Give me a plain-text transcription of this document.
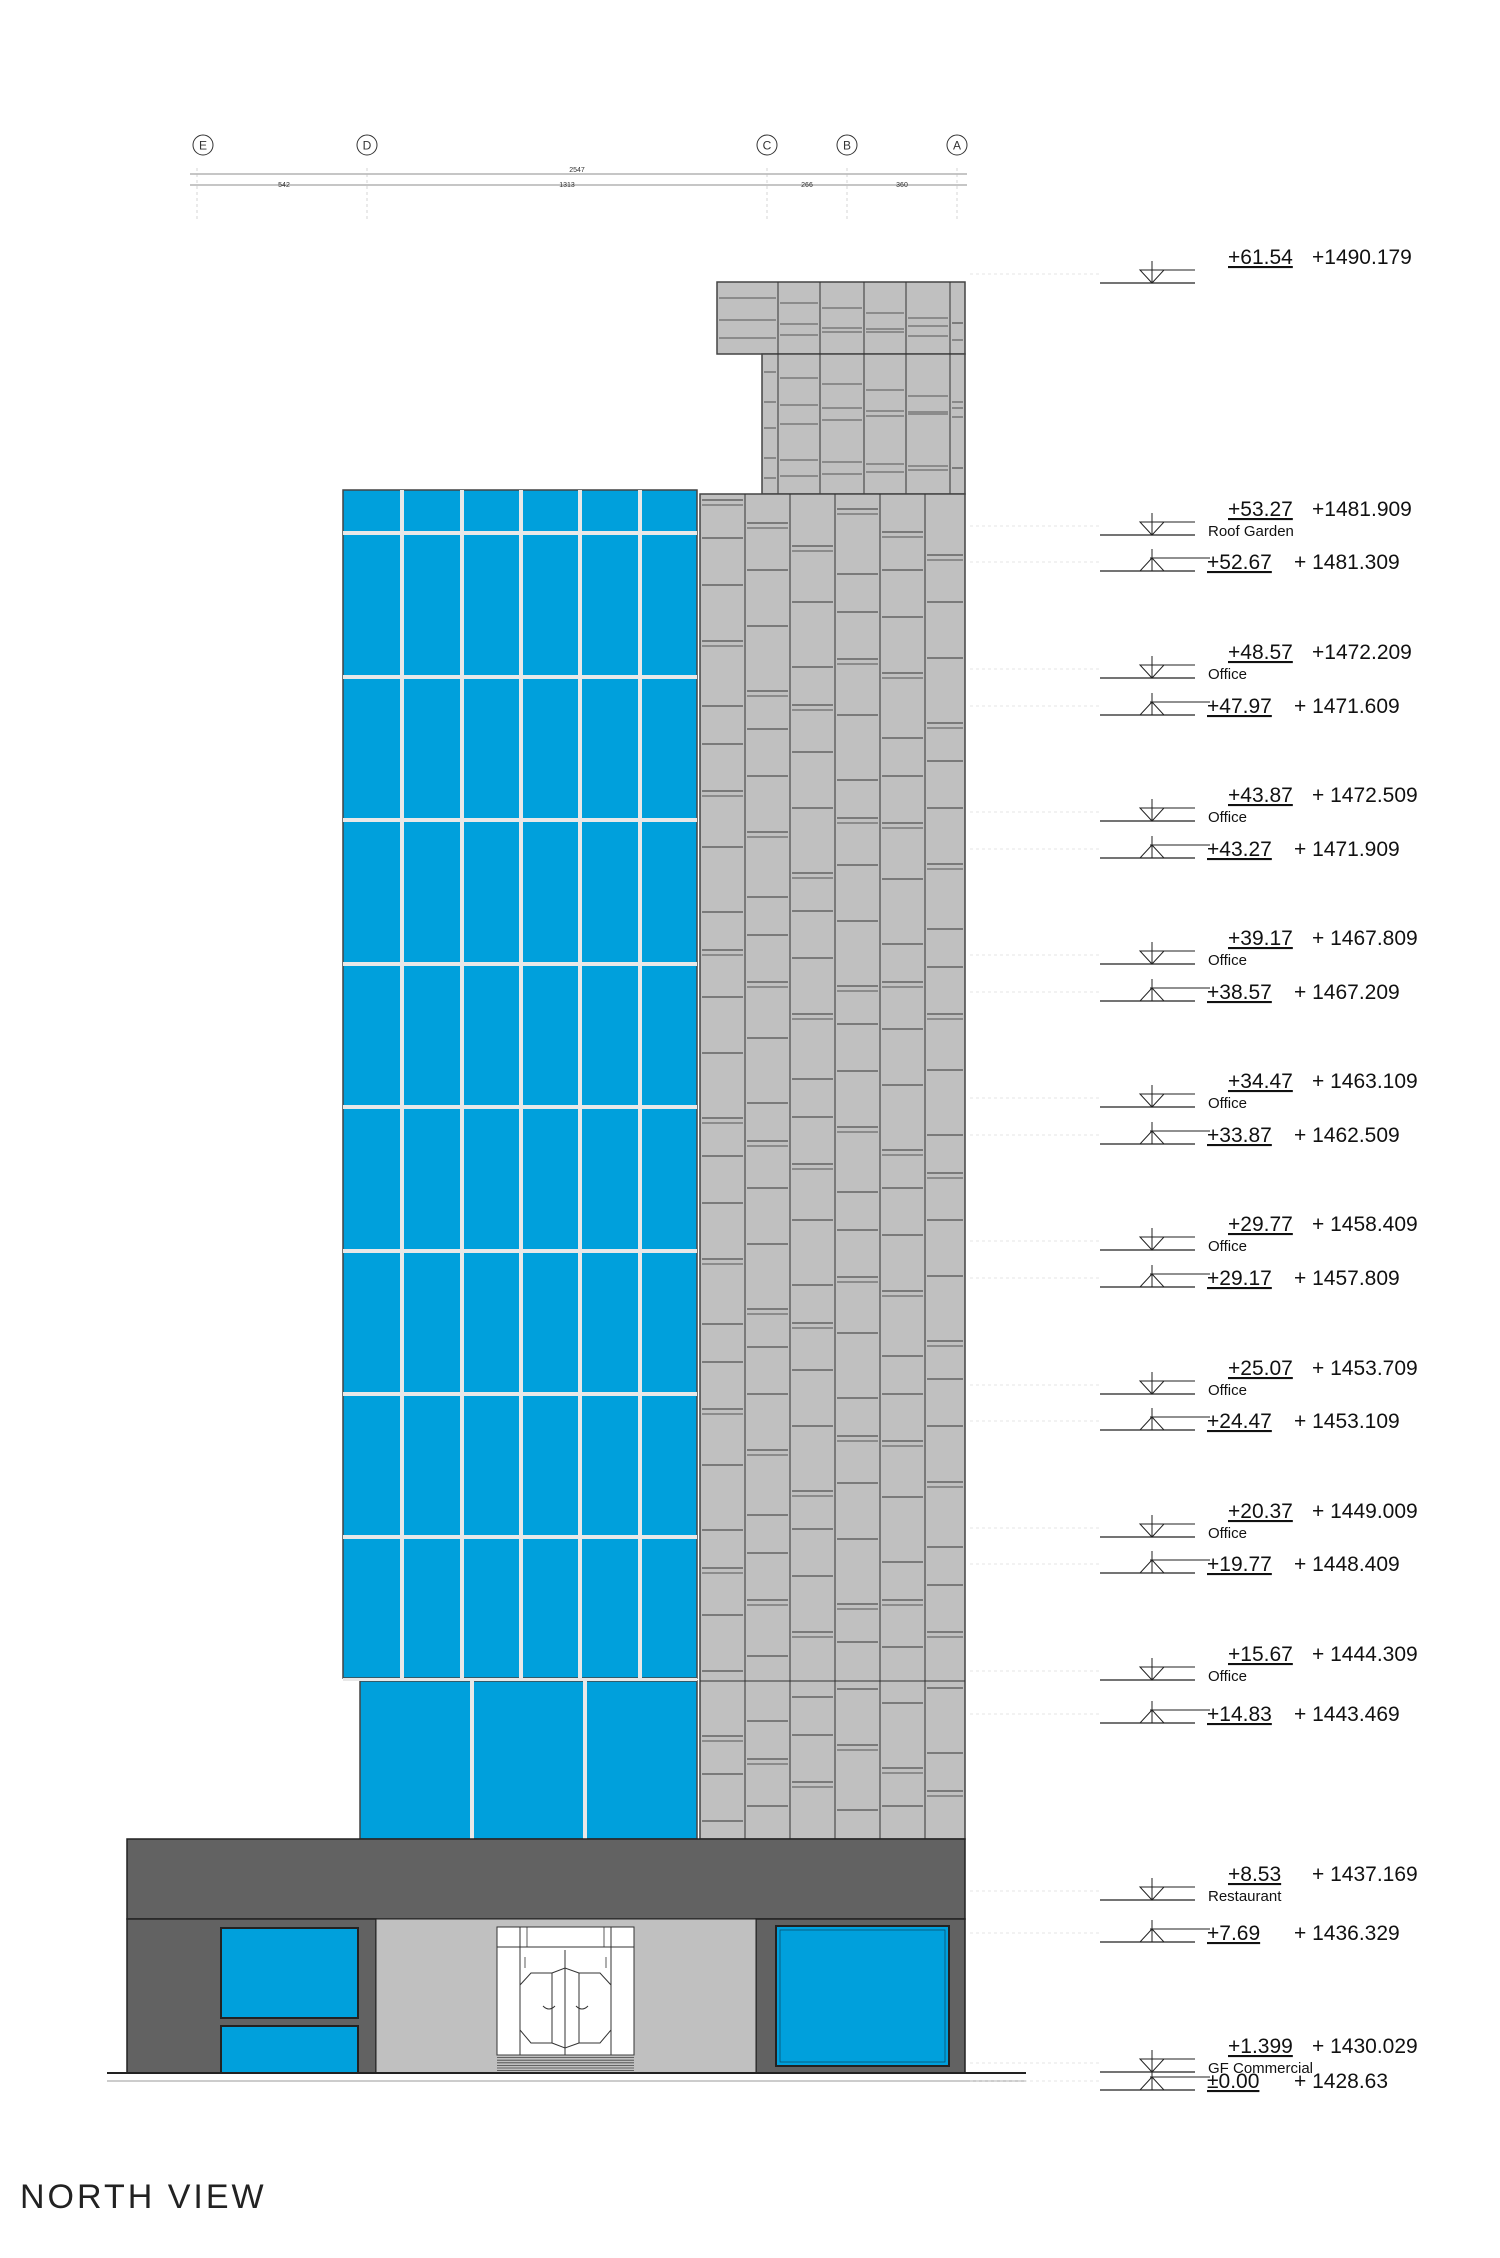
E	D	C	B	A
2547
542	1313	266	360
+61.54 +1490.179
+53.27 +1481.909
Roof Garden
+52.67 + 1481.309
+48.57 +1472.209
Office
+47.97 + 1471.609
+43.87 + 1472.509
Office
+43.27 + 1471.909
+39.17 + 1467.809
Office
+38.57 + 1467.209
+34.47 + 1463.109
Office
+33.87 + 1462.509
+29.77 + 1458.409
Office
+29.17 + 1457.809
+25.07 + 1453.709
Office
+24.47 + 1453.109
+20.37 + 1449.009
Office
+19.77 + 1448.409
+15.67 + 1444.309
Office
+14.83 + 1443.469
+8.53 + 1437.169
Restaurant
+7.69 + 1436.329
+1.399 + 1430.029
GF Commercial
±0.00 + 1428.63
NORTH VIEW
